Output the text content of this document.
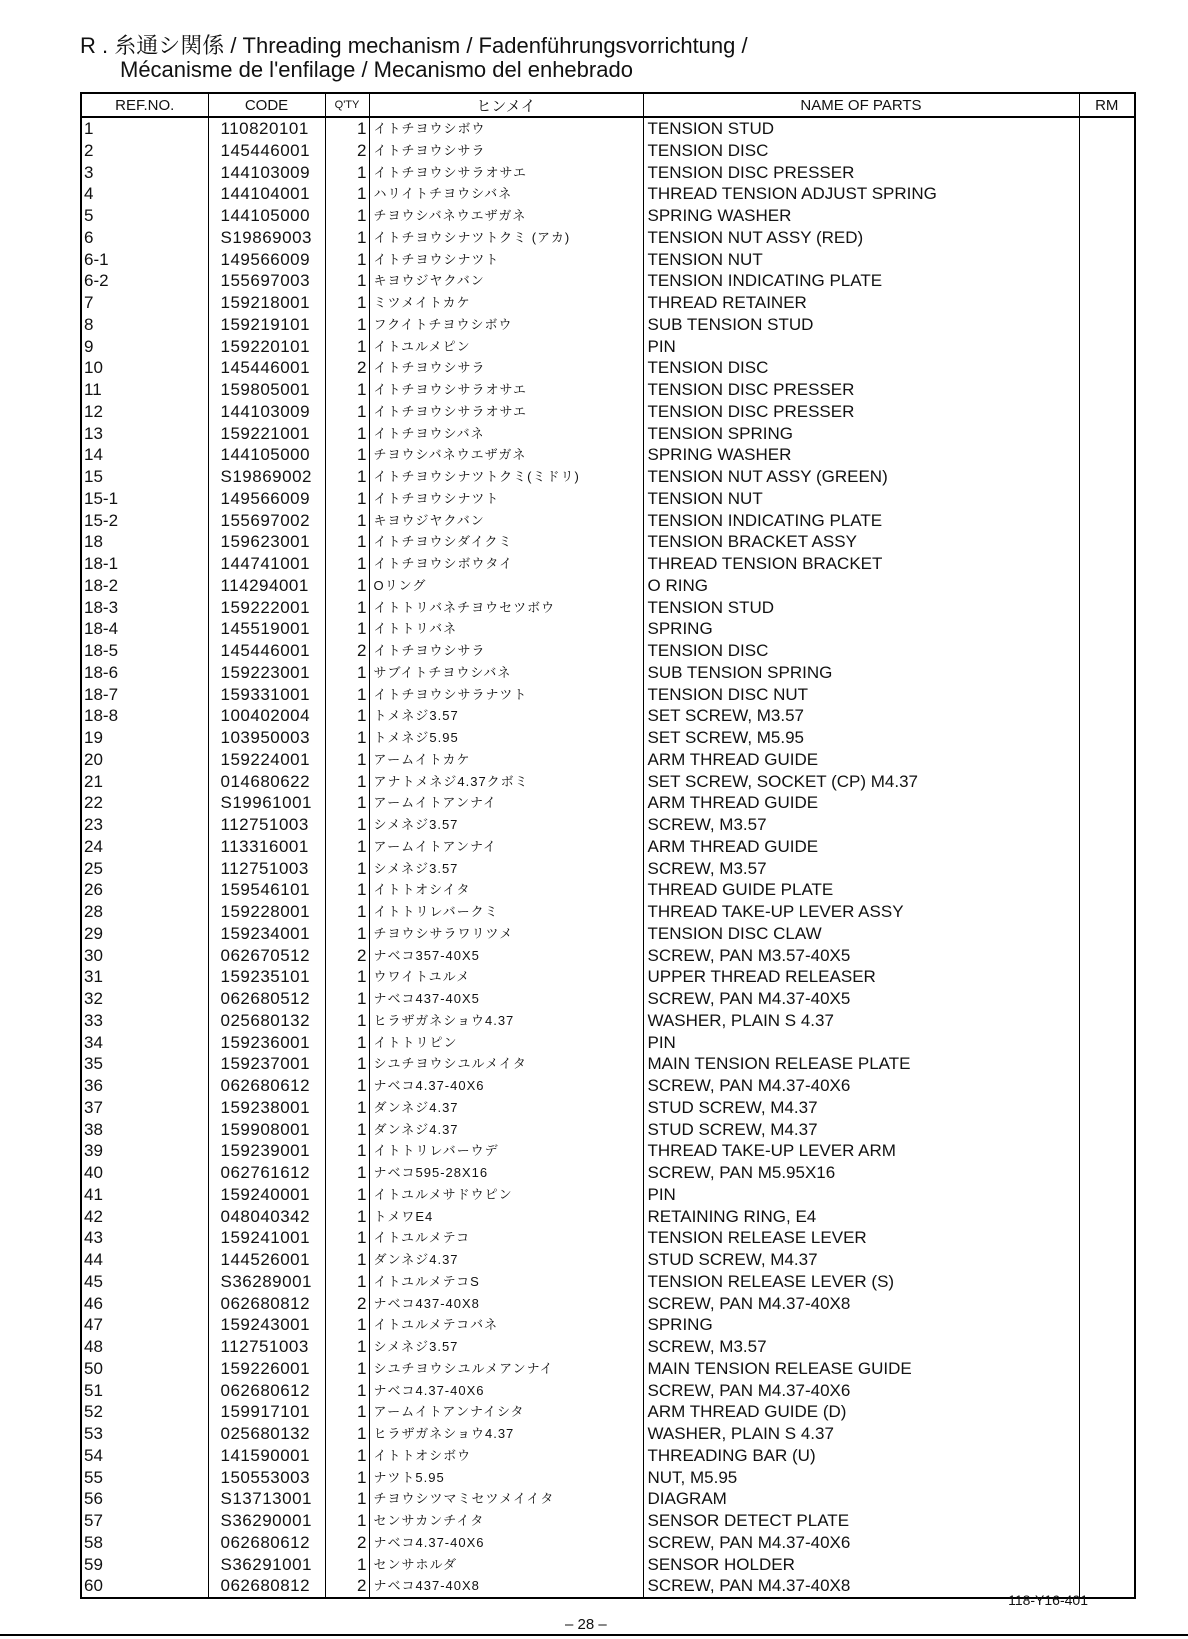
R . 糸通シ関係 / Threading mechanism / Fadenführungsvorrichtung /
Mécanisme de l'enfilage / Mecanismo del enhebrado
REF.NO.	CODE	Q'TY	ヒンメイ	NAME OF PARTS	RM
1	110820101	1	イトチヨウシボウ	TENSION STUD	
2	145446001	2	イトチヨウシサラ	TENSION DISC	
3	144103009	1	イトチヨウシサラオサエ	TENSION DISC PRESSER	
4	144104001	1	ハリイトチヨウシバネ	THREAD TENSION ADJUST SPRING	
5	144105000	1	チヨウシバネウエザガネ	SPRING WASHER	
6	S19869003	1	イトチヨウシナツトクミ (アカ)	TENSION NUT ASSY (RED)	
6-1	149566009	1	イトチヨウシナツト	TENSION NUT	
6-2	155697003	1	キヨウジヤクバン	TENSION INDICATING PLATE	
7	159218001	1	ミツメイトカケ	THREAD RETAINER	
8	159219101	1	フクイトチヨウシボウ	SUB TENSION STUD	
9	159220101	1	イトユルメピン	PIN	
10	145446001	2	イトチヨウシサラ	TENSION DISC	
11	159805001	1	イトチヨウシサラオサエ	TENSION DISC PRESSER	
12	144103009	1	イトチヨウシサラオサエ	TENSION DISC PRESSER	
13	159221001	1	イトチヨウシバネ	TENSION SPRING	
14	144105000	1	チヨウシバネウエザガネ	SPRING WASHER	
15	S19869002	1	イトチヨウシナツトクミ(ミドリ)	TENSION NUT ASSY (GREEN)	
15-1	149566009	1	イトチヨウシナツト	TENSION NUT	
15-2	155697002	1	キヨウジヤクバン	TENSION INDICATING PLATE	
18	159623001	1	イトチヨウシダイクミ	TENSION BRACKET ASSY	
18-1	144741001	1	イトチヨウシボウタイ	THREAD TENSION BRACKET	
18-2	114294001	1	Oリング	O RING	
18-3	159222001	1	イトトリバネチヨウセツボウ	TENSION STUD	
18-4	145519001	1	イトトリバネ	SPRING	
18-5	145446001	2	イトチヨウシサラ	TENSION DISC	
18-6	159223001	1	サブイトチヨウシバネ	SUB TENSION SPRING	
18-7	159331001	1	イトチヨウシサラナツト	TENSION DISC NUT	
18-8	100402004	1	トメネジ3.57	SET SCREW, M3.57	
19	103950003	1	トメネジ5.95	SET SCREW, M5.95	
20	159224001	1	アームイトカケ	ARM THREAD GUIDE	
21	014680622	1	アナトメネジ4.37クボミ	SET SCREW, SOCKET (CP) M4.37	
22	S19961001	1	アームイトアンナイ	ARM THREAD GUIDE	
23	112751003	1	シメネジ3.57	SCREW, M3.57	
24	113316001	1	アームイトアンナイ	ARM THREAD GUIDE	
25	112751003	1	シメネジ3.57	SCREW, M3.57	
26	159546101	1	イトトオシイタ	THREAD GUIDE PLATE	
28	159228001	1	イトトリレバークミ	THREAD TAKE-UP LEVER ASSY	
29	159234001	1	チヨウシサラワリツメ	TENSION DISC CLAW	
30	062670512	2	ナベコ357-40X5	SCREW, PAN M3.57-40X5	
31	159235101	1	ウワイトユルメ	UPPER THREAD RELEASER	
32	062680512	1	ナベコ437-40X5	SCREW, PAN M4.37-40X5	
33	025680132	1	ヒラザガネショウ4.37	WASHER, PLAIN S 4.37	
34	159236001	1	イトトリピン	PIN	
35	159237001	1	シユチヨウシユルメイタ	MAIN TENSION RELEASE PLATE	
36	062680612	1	ナベコ4.37-40X6	SCREW, PAN M4.37-40X6	
37	159238001	1	ダンネジ4.37	STUD SCREW, M4.37	
38	159908001	1	ダンネジ4.37	STUD SCREW, M4.37	
39	159239001	1	イトトリレバーウデ	THREAD TAKE-UP LEVER ARM	
40	062761612	1	ナベコ595-28X16	SCREW, PAN M5.95X16	
41	159240001	1	イトユルメサドウピン	PIN	
42	048040342	1	トメワE4	RETAINING RING, E4	
43	159241001	1	イトユルメテコ	TENSION RELEASE LEVER	
44	144526001	1	ダンネジ4.37	STUD SCREW, M4.37	
45	S36289001	1	イトユルメテコS	TENSION RELEASE LEVER (S)	
46	062680812	2	ナベコ437-40X8	SCREW, PAN M4.37-40X8	
47	159243001	1	イトユルメテコバネ	SPRING	
48	112751003	1	シメネジ3.57	SCREW, M3.57	
50	159226001	1	シユチヨウシユルメアンナイ	MAIN TENSION RELEASE GUIDE	
51	062680612	1	ナベコ4.37-40X6	SCREW, PAN M4.37-40X6	
52	159917101	1	アームイトアンナイシタ	ARM THREAD GUIDE (D)	
53	025680132	1	ヒラザガネショウ4.37	WASHER, PLAIN S 4.37	
54	141590001	1	イトトオシボウ	THREADING BAR (U)	
55	150553003	1	ナツト5.95	NUT, M5.95	
56	S13713001	1	チヨウシツマミセツメイイタ	DIAGRAM	
57	S36290001	1	センサカンチイタ	SENSOR DETECT PLATE	
58	062680612	2	ナベコ4.37-40X6	SCREW, PAN M4.37-40X6	
59	S36291001	1	センサホルダ	SENSOR HOLDER	
60	062680812	2	ナベコ437-40X8	SCREW, PAN M4.37-40X8	
118-Y16-401
– 28 –
